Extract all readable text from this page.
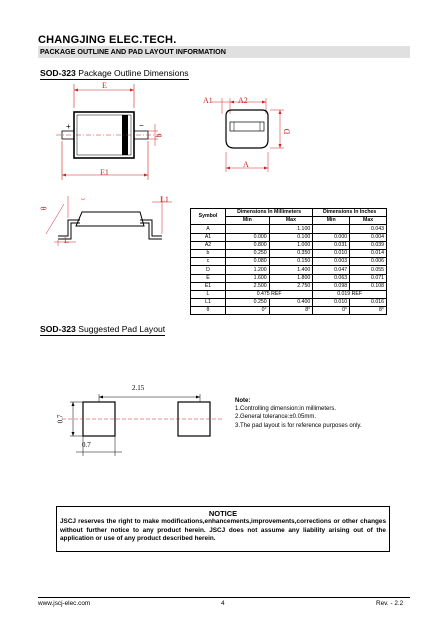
CHANGJING ELEC.TECH.
PACKAGE OUTLINE AND PAD LAYOUT INFORMATION
SOD-323 Package Outline Dimensions
E
E1
+	−
b
A1	A2
D
A
θ
c	L1
L
Symbol	Dimensions In Millimeters		Dimensions In Inches	
	Min	Max	Min	Max
A		1.100		0.043
A1	0.000	0.100	0.000	0.004
A2	0.800	1.000	0.031	0.039
b	0.250	0.350	0.010	0.014
c	0.080	0.150	0.003	0.006
D	1.200	1.400	0.047	0.055
E	1.600	1.800	0.063	0.071
E1	2.500	2.750	0.098	0.108
L	0.475 REF		0.019 REF	
L1	0.250	0.400	0.010	0.016
θ	0°	8°	0°	8°
SOD-323 Suggested Pad Layout
2.15
0.7
0.7
Note:
1.Controlling dimension:in millimeters.
2.General tolerance:±0.05mm.
3.The pad layout is for reference purposes only.
NOTICE
JSCJ reserves the right to make modifications,enhancements,improvements,corrections or other changes without further notice to any product herein. JSCJ does not assume any liability arising out of the application or use of any product described herein.
www.jscj-elec.com	4	Rev. - 2.2
